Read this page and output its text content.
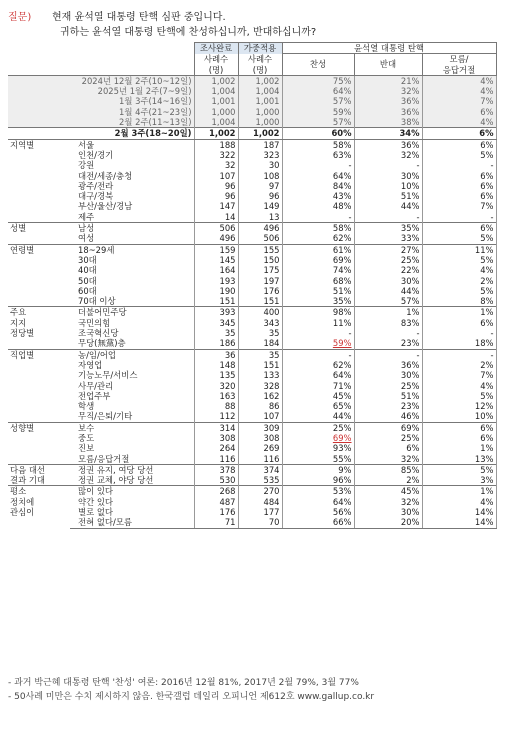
질문) 현재 윤석열 대통령 탄핵 심판 중입니다.
귀하는 윤석열 대통령 탄핵에 찬성하십니까, 반대하십니까?
		조사완료	가중적용	윤석열 대통령 탄핵		
		사례수	사례수	찬성	반대	모름/
		(명)	(명)			응답거절
	2024년 12월 2주(10~12일)	1,002	1,002	75%	21%	4%
	2025년 1월 2주(7~9일)	1,004	1,004	64%	32%	4%
	1월 3주(14~16일)	1,001	1,001	57%	36%	7%
	1월 4주(21~23일)	1,000	1,000	59%	36%	6%
	2월 2주(11~13일)	1,004	1,000	57%	38%	4%
	2월 3주(18~20일)	1,002	1,002	60%	34%	6%

지역별	서울	188	187	58%	36%	6%
	인천/경기	322	323	63%	32%	5%
	강원	32	30	-	-	-
	대전/세종/충청	107	108	64%	30%	6%
	광주/전라	96	97	84%	10%	6%
	대구/경북	96	96	43%	51%	6%
	부산/울산/경남	147	149	48%	44%	7%
	제주	14	13	-	-	-

성별	남성	506	496	58%	35%	6%
	여성	496	506	62%	33%	5%

연령별	18~29세	159	155	61%	27%	11%
	30대	145	150	69%	25%	5%
	40대	164	175	74%	22%	4%
	50대	193	197	68%	30%	2%
	60대	190	176	51%	44%	5%
	70대 이상	151	151	35%	57%	8%

주요
지지
정당별	더불어민주당	393	400	98%	1%	1%
	국민의힘	345	343	11%	83%	6%
	조국혁신당	35	35	-	-	-
	무당(無黨)층	186	184	59%	23%	18%

직업별	농/임/어업	36	35	-	-	-
	자영업	148	151	62%	36%	2%
	기능노무/서비스	135	133	64%	30%	7%
	사무/관리	320	328	71%	25%	4%
	전업주부	163	162	45%	51%	5%
	학생	88	86	65%	23%	12%
	무직/은퇴/기타	112	107	44%	46%	10%

성향별	보수	314	309	25%	69%	6%
	중도	308	308	69%	25%	6%
	진보	264	269	93%	6%	1%
	모름/응답거절	116	116	55%	32%	13%

다음 대선
결과 기대	정권 유지, 여당 당선	378	374	9%	85%	5%
	정권 교체, 야당 당선	530	535	96%	2%	3%

평소
정치에
관심이	많이 있다	268	270	53%	45%	1%
	약간 있다	487	484	64%	32%	4%
	별로 없다	176	177	56%	30%	14%
	전혀 없다/모름	71	70	66%	20%	14%
- 과거 박근혜 대통령 탄핵 '찬성' 여론: 2016년 12월 81%, 2017년 2월 79%, 3월 77%
- 50사례 미만은 수치 제시하지 않음. 한국갤럽 데일리 오피니언 제612호 www.gallup.co.kr
